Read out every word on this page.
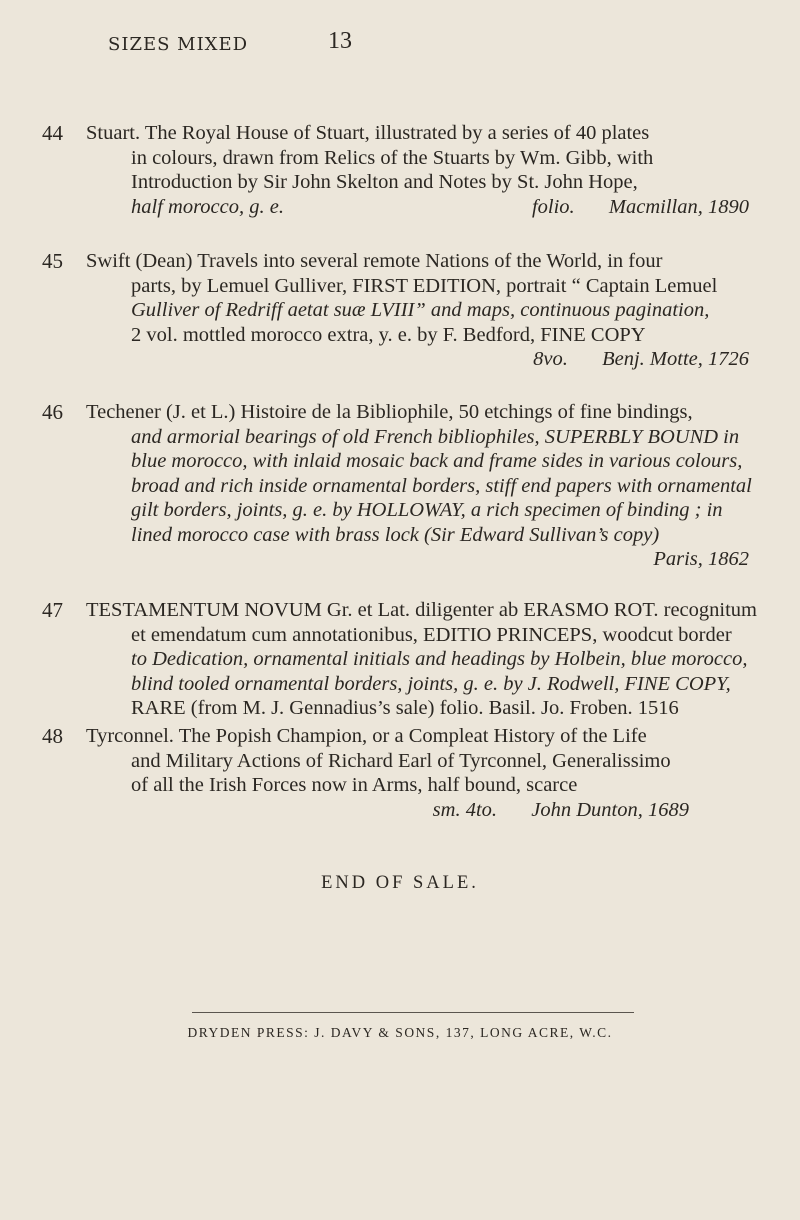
SIZES MIXED	13
44	Stuart. The Royal House of Stuart, illustrated by a series of 40 plates
in colours, drawn from Relics of the Stuarts by Wm. Gibb, with
Introduction by Sir John Skelton and Notes by St. John Hope,
half morocco, g. e.	folio. Macmillan, 1890
45	Swift (Dean) Travels into several remote Nations of the World, in four
parts, by Lemuel Gulliver, FIRST EDITION, portrait “ Captain Lemuel
Gulliver of Redriff aetat suæ LVIII” and maps, continuous pagination,
2 vol. mottled morocco extra, y. e. by F. Bedford, FINE COPY
8vo. Benj. Motte, 1726
46	Techener (J. et L.) Histoire de la Bibliophile, 50 etchings of fine bindings,
and armorial bearings of old French bibliophiles, SUPERBLY BOUND in
blue morocco, with inlaid mosaic back and frame sides in various colours,
broad and rich inside ornamental borders, stiff end papers with ornamental
gilt borders, joints, g. e. by HOLLOWAY, a rich specimen of binding ; in
lined morocco case with brass lock (Sir Edward Sullivan’s copy)
Paris, 1862
47	TESTAMENTUM NOVUM Gr. et Lat. diligenter ab ERASMO ROT. recognitum
et emendatum cum annotationibus, EDITIO PRINCEPS, woodcut border
to Dedication, ornamental initials and headings by Holbein, blue morocco,
blind tooled ornamental borders, joints, g. e. by J. Rodwell, FINE COPY,
RARE (from M. J. Gennadius’s sale) folio. Basil. Jo. Froben. 1516
48	Tyrconnel. The Popish Champion, or a Compleat History of the Life
and Military Actions of Richard Earl of Tyrconnel, Generalissimo
of all the Irish Forces now in Arms, half bound, scarce
sm. 4to. John Dunton, 1689
END OF SALE.
DRYDEN PRESS: J. DAVY & SONS, 137, LONG ACRE, W.C.
